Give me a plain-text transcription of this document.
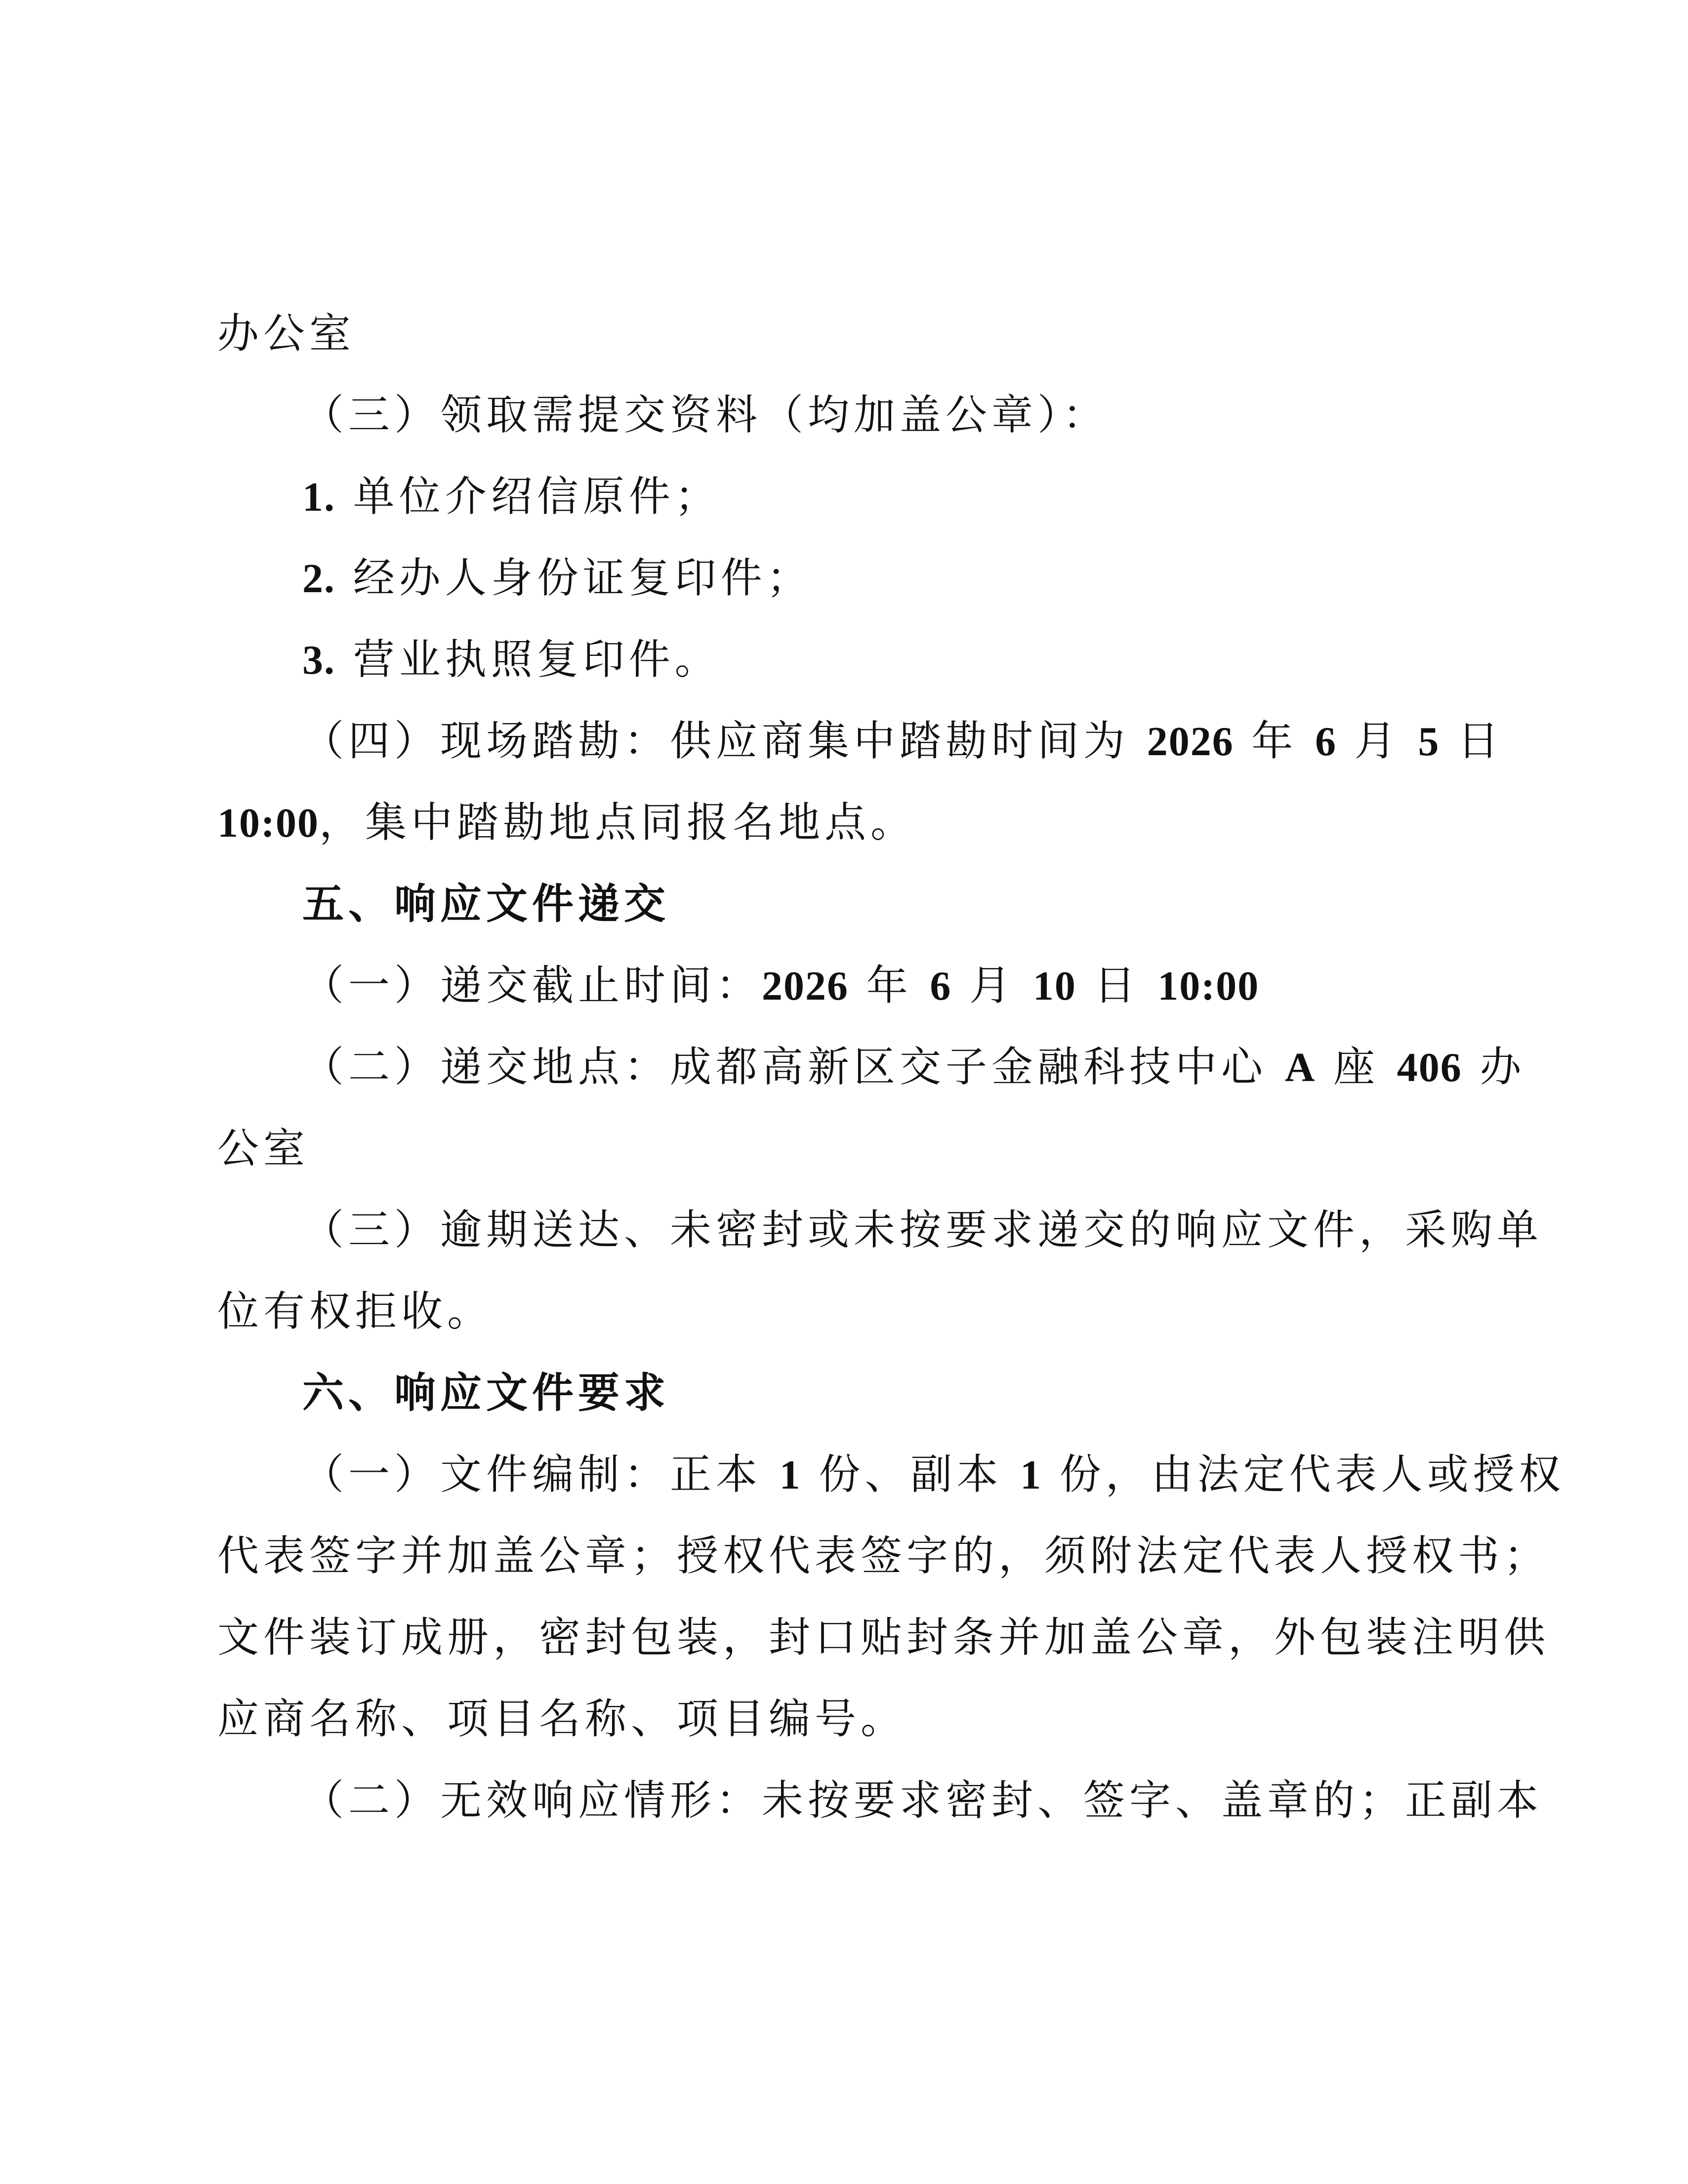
办公室
（三）领取需提交资料（均加盖公章）：
1. 单位介绍信原件；
2. 经办人身份证复印件；
3. 营业执照复印件。
（四）现场踏勘：供应商集中踏勘时间为 2026 年 6 月 5 日
10:00，集中踏勘地点同报名地点。
五、响应文件递交
（一）递交截止时间：2026 年 6 月 10 日 10:00
（二）递交地点：成都高新区交子金融科技中心 A 座 406 办
公室
（三）逾期送达、未密封或未按要求递交的响应文件，采购单
位有权拒收。
六、响应文件要求
（一）文件编制：正本 1 份、副本 1 份，由法定代表人或授权
代表签字并加盖公章；授权代表签字的，须附法定代表人授权书；
文件装订成册，密封包装，封口贴封条并加盖公章，外包装注明供
应商名称、项目名称、项目编号。
（二）无效响应情形：未按要求密封、签字、盖章的；正副本
